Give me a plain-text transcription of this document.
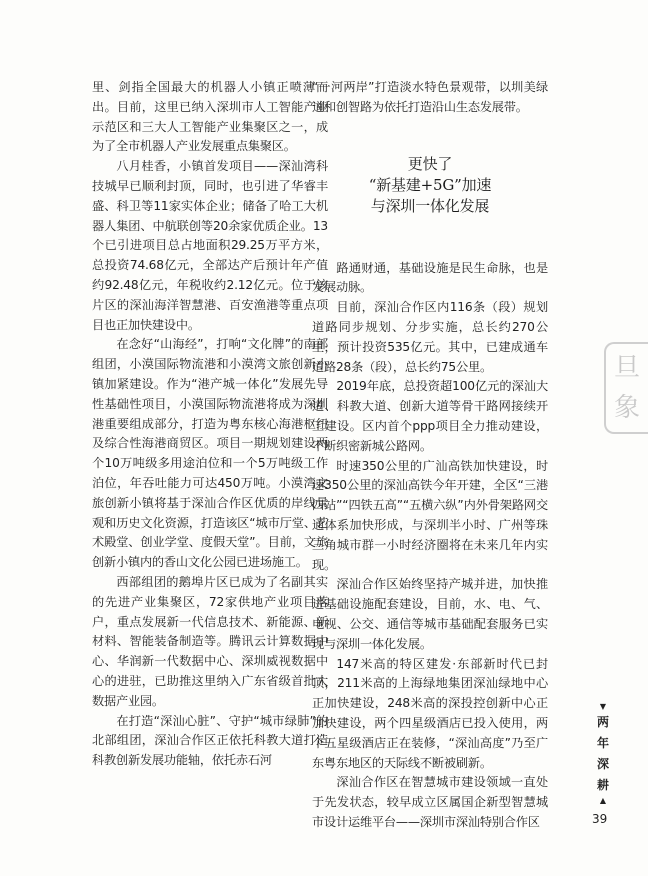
里、剑指全国最大的机器人小镇正喷薄而出。目前，这里已纳入深圳市人工智能产业示范区和三大人工智能产业集聚区之一，成为了全市机器人产业发展重点集聚区。

八月桂香，小镇首发项目——深汕湾科技城早已顺利封顶，同时，也引进了华睿丰盛、科卫等11家实体企业；储备了哈工大机器人集团、中航联创等20余家优质企业。13个已引进项目总占地面积29.25万平方米，总投资74.68亿元，全部达产后预计年产值约92.48亿元，年税收约2.12亿元。位于该片区的深汕海洋智慧港、百安渔港等重点项目也正加快建设中。

在念好“山海经”，打响“文化牌”的南部组团，小漠国际物流港和小漠湾文旅创新小镇加紧建设。作为“港产城一体化”发展先导性基础性项目，小漠国际物流港将成为深圳港重要组成部分，打造为粤东核心海港枢纽及综合性海港商贸区。项目一期规划建设两个10万吨级多用途泊位和一个5万吨级工作泊位，年吞吐能力可达450万吨。小漠湾文旅创新小镇将基于深汕合作区优质的岸线景观和历史文化资源，打造该区“城市厅堂、艺术殿堂、创业学堂、度假天堂”。目前，文旅创新小镇内的香山文化公园已进场施工。

西部组团的鹅埠片区已成为了名副其实的先进产业集聚区，72家供地产业项目落户，重点发展新一代信息技术、新能源、新材料、智能装备制造等。腾讯云计算数据中心、华润新一代数据中心、深圳威视数据中心的进驻，已助推这里纳入广东省级首批大数据产业园。

在打造“深汕心脏”、守护“城市绿肺”的北部组团，深汕合作区正依托科教大道打造科教创新发展功能轴，依托赤石河

“一河两岸”打造淡水特色景观带，以圳美绿道和创智路为依托打造沿山生态发展带。

更快了
“新基建+5G”加速
与深圳一体化发展

路通财通，基础设施是民生命脉，也是发展动脉。

目前，深汕合作区内116条（段）规划道路同步规划、分步实施，总长约270公里，预计投资535亿元。其中，已建成通车道路28条（段），总长约75公里。

2019年底，总投资超100亿元的深汕大道、科教大道、创新大道等骨干路网接续开工建设。区内首个ppp项目全力推动建设，不断织密新城公路网。

时速350公里的广汕高铁加快建设，时速350公里的深汕高铁今年开建，全区“三港四站”“四铁五高”“五横六纵”内外骨架路网交通体系加快形成，与深圳半小时、广州等珠三角城市群一小时经济圈将在未来几年内实现。

深汕合作区始终坚持产城并进，加快推进基础设施配套建设，目前，水、电、气、电视、公交、通信等城市基础配套服务已实现与深圳一体化发展。

147米高的特区建发·东部新时代已封顶，211米高的上海绿地集团深汕绿地中心正加快建设，248米高的深投控创新中心正加快建设，两个四星级酒店已投入使用，两个五星级酒店正在装修，“深汕高度”乃至广东粤东地区的天际线不断被刷新。

深汕合作区在智慧城市建设领域一直处于先发状态，较早成立区属国企新型智慧城市设计运维平台——深圳市深汕特别合作区

旦 象
▼
两
年
深
耕
▲
39
